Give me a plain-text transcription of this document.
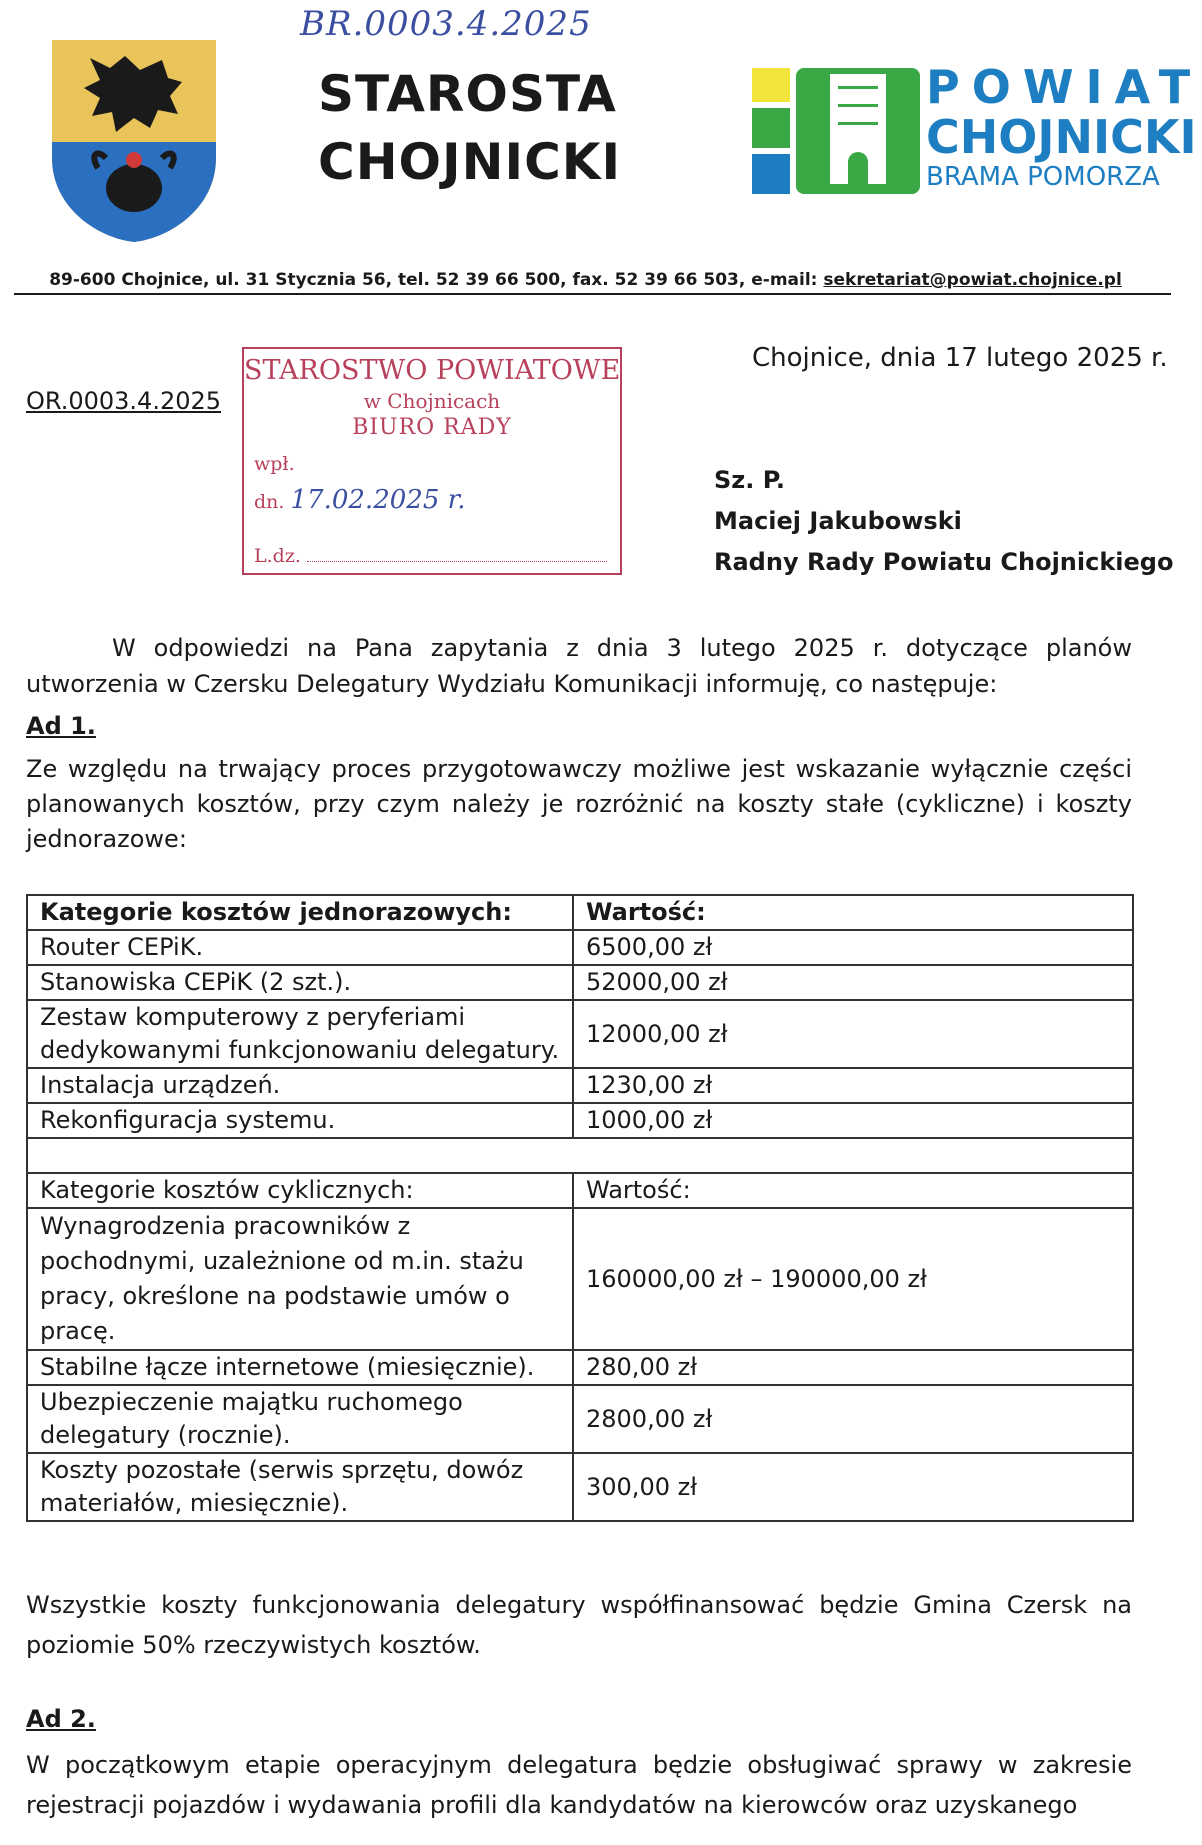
BR.0003.4.2025
STAROSTA
CHOJNICKI
POWIAT
CHOJNICKI
BRAMA POMORZA
89-600 Chojnice, ul. 31 Stycznia 56, tel. 52 39 66 500, fax. 52 39 66 503, e-mail: sekretariat@powiat.chojnice.pl
OR.0003.4.2025
Chojnice, dnia 17 lutego 2025 r.
STAROSTWO POWIATOWE
w Chojnicach
BIURO RADY
wpł.
dn. 17.02.2025 r.
L.dz.
Sz. P.
Maciej Jakubowski
Radny Rady Powiatu Chojnickiego
W odpowiedzi na Pana zapytania z dnia 3 lutego 2025 r. dotyczące planów utworzenia w Czersku Delegatury Wydziału Komunikacji informuję, co następuje:
Ad 1.
Ze względu na trwający proces przygotowawczy możliwe jest wskazanie wyłącznie części planowanych kosztów, przy czym należy je rozróżnić na koszty stałe (cykliczne) i koszty jednorazowe:
Kategorie kosztów jednorazowych:	Wartość:
Router CEPiK.	6500,00 zł
Stanowiska CEPiK (2 szt.).	52000,00 zł
Zestaw komputerowy z peryferiami dedykowanymi funkcjonowaniu delegatury.	12000,00 zł
Instalacja urządzeń.	1230,00 zł
Rekonfiguracja systemu.	1000,00 zł

Kategorie kosztów cyklicznych:	Wartość:
Wynagrodzenia pracowników z pochodnymi, uzależnione od m.in. stażu pracy, określone na podstawie umów o pracę.	160000,00 zł – 190000,00 zł
Stabilne łącze internetowe (miesięcznie).	280,00 zł
Ubezpieczenie majątku ruchomego delegatury (rocznie).	2800,00 zł
Koszty pozostałe (serwis sprzętu, dowóz materiałów, miesięcznie).	300,00 zł
Wszystkie koszty funkcjonowania delegatury współfinansować będzie Gmina Czersk na poziomie 50% rzeczywistych kosztów.
Ad 2.
W początkowym etapie operacyjnym delegatura będzie obsługiwać sprawy w zakresie rejestracji pojazdów i wydawania profili dla kandydatów na kierowców oraz uzyskanego
